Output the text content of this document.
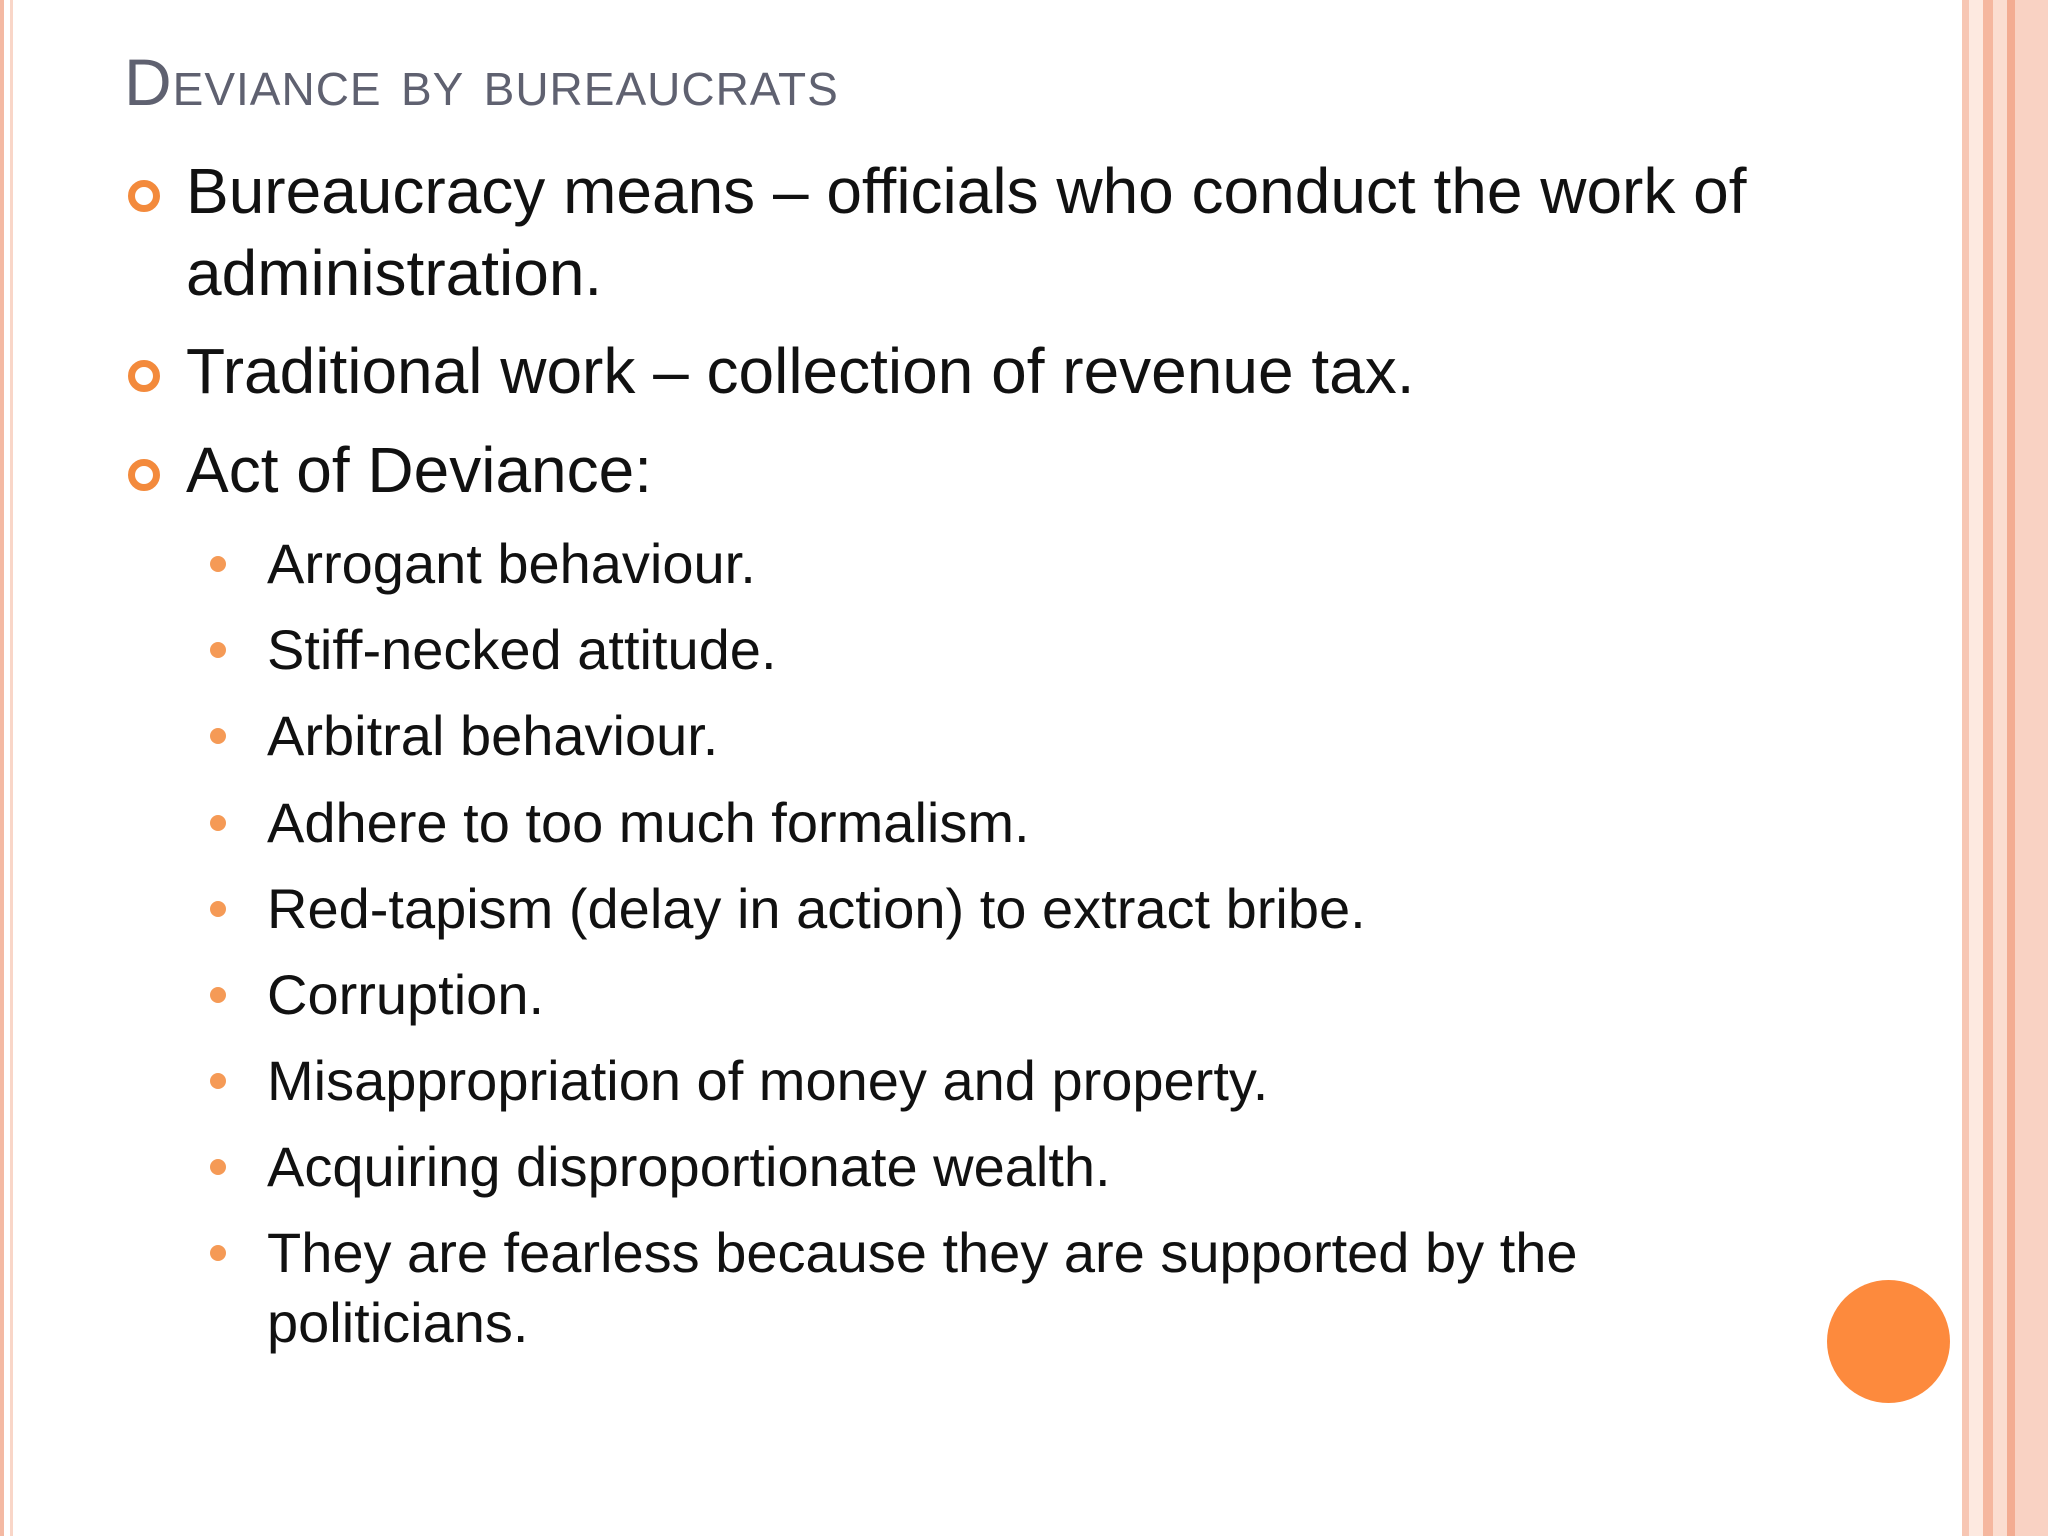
Deviance by bureaucrats
Bureaucracy means – officials who conduct the work of administration.
Traditional work – collection of revenue tax.
Act of Deviance:
Arrogant behaviour.
Stiff-necked attitude.
Arbitral behaviour.
Adhere to too much formalism.
Red-tapism (delay in action) to extract bribe.
Corruption.
Misappropriation of money and property.
Acquiring disproportionate wealth.
They are fearless because they are supported by the politicians.
